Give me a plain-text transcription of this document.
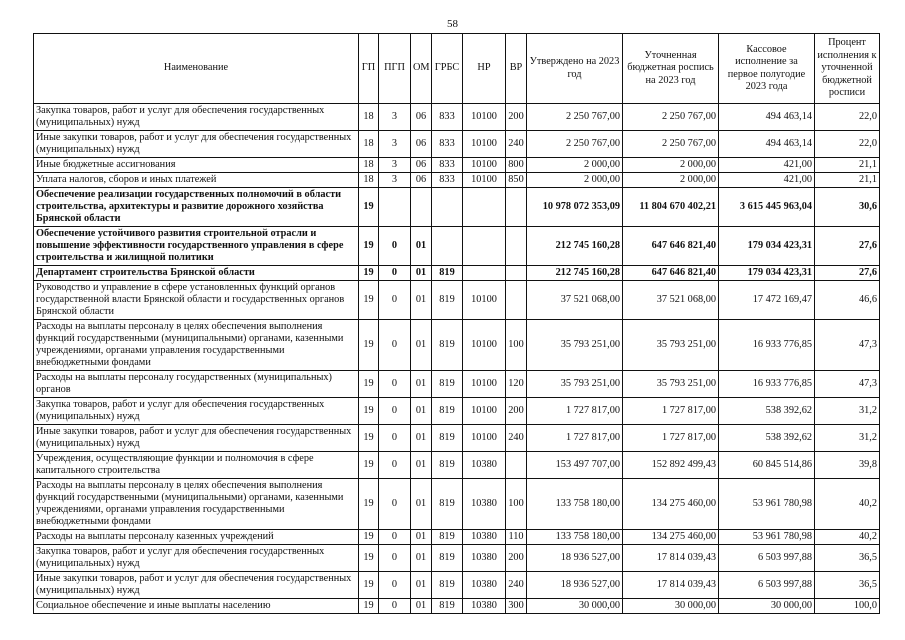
58
Наименование	ГП	ПГП	ОМ	ГРБС	НР	ВР	Утверждено на 2023 год	Уточненная бюджетная роспись на 2023 год	Кассовое исполнение за первое полугодие 2023 года	Процент исполнения к уточненной бюджетной росписи
Закупка товаров, работ и услуг для обеспечения государственных (муниципальных) нужд	18	3	06	833	10100	200	2 250 767,00	2 250 767,00	494 463,14	22,0
Иные закупки товаров, работ и услуг для обеспечения государственных (муниципальных) нужд	18	3	06	833	10100	240	2 250 767,00	2 250 767,00	494 463,14	22,0
Иные бюджетные ассигнования	18	3	06	833	10100	800	2 000,00	2 000,00	421,00	21,1
Уплата налогов, сборов и иных платежей	18	3	06	833	10100	850	2 000,00	2 000,00	421,00	21,1
Обеспечение реализации государственных полномочий в области строительства, архитектуры и развитие дорожного хозяйства Брянской области	19						10 978 072 353,09	11 804 670 402,21	3 615 445 963,04	30,6
Обеспечение устойчивого развития строительной отрасли и повышение эффективности государственного управления в сфере строительства и жилищной политики	19	0	01				212 745 160,28	647 646 821,40	179 034 423,31	27,6
Департамент строительства Брянской области	19	0	01	819			212 745 160,28	647 646 821,40	179 034 423,31	27,6
Руководство и управление в сфере установленных функций органов государственной власти Брянской области и государственных органов Брянской области	19	0	01	819	10100		37 521 068,00	37 521 068,00	17 472 169,47	46,6
Расходы на выплаты персоналу в целях обеспечения выполнения функций государственными (муниципальными) органами, казенными учреждениями, органами управления государственными внебюджетными фондами	19	0	01	819	10100	100	35 793 251,00	35 793 251,00	16 933 776,85	47,3
Расходы на выплаты персоналу государственных (муниципальных) органов	19	0	01	819	10100	120	35 793 251,00	35 793 251,00	16 933 776,85	47,3
Закупка товаров, работ и услуг для обеспечения государственных (муниципальных) нужд	19	0	01	819	10100	200	1 727 817,00	1 727 817,00	538 392,62	31,2
Иные закупки товаров, работ и услуг для обеспечения государственных (муниципальных) нужд	19	0	01	819	10100	240	1 727 817,00	1 727 817,00	538 392,62	31,2
Учреждения, осуществляющие функции и полномочия в сфере капитального строительства	19	0	01	819	10380		153 497 707,00	152 892 499,43	60 845 514,86	39,8
Расходы на выплаты персоналу в целях обеспечения выполнения функций государственными (муниципальными) органами, казенными учреждениями, органами управления государственными внебюджетными фондами	19	0	01	819	10380	100	133 758 180,00	134 275 460,00	53 961 780,98	40,2
Расходы на выплаты персоналу казенных учреждений	19	0	01	819	10380	110	133 758 180,00	134 275 460,00	53 961 780,98	40,2
Закупка товаров, работ и услуг для обеспечения государственных (муниципальных) нужд	19	0	01	819	10380	200	18 936 527,00	17 814 039,43	6 503 997,88	36,5
Иные закупки товаров, работ и услуг для обеспечения государственных (муниципальных) нужд	19	0	01	819	10380	240	18 936 527,00	17 814 039,43	6 503 997,88	36,5
Социальное обеспечение и иные выплаты населению	19	0	01	819	10380	300	30 000,00	30 000,00	30 000,00	100,0
